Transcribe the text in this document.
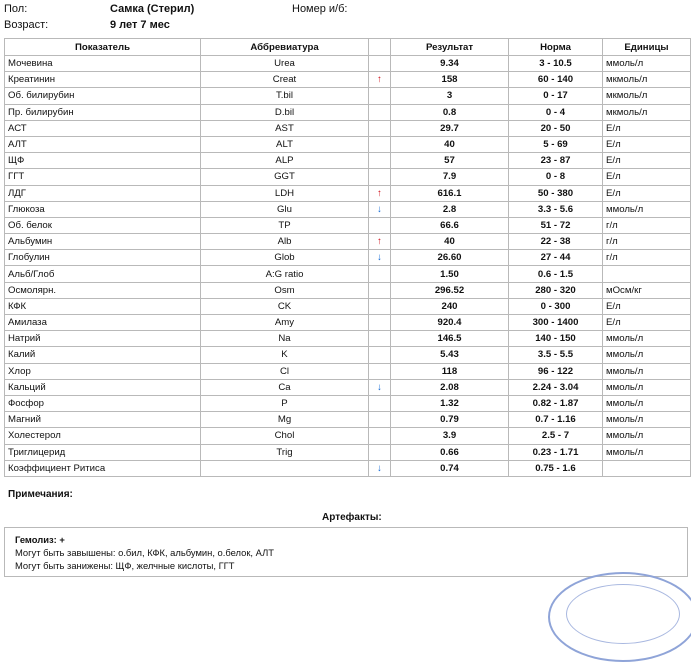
Пол:	Самка (Стерил)	Номер и/б:
Возраст:	9 лет 7 мес
Показатель	Аббревиатура		Результат	Норма	Единицы
Мочевина	Urea		9.34	3 - 10.5	ммоль/л
Креатинин	Creat	↑	158	60 - 140	мкмоль/л
Об. билирубин	T.bil		3	0 - 17	мкмоль/л
Пр. билирубин	D.bil		0.8	0 - 4	мкмоль/л
АСТ	AST		29.7	20 - 50	Е/л
АЛТ	ALT		40	5 - 69	Е/л
ЩФ	ALP		57	23 - 87	Е/л
ГГТ	GGT		7.9	0 - 8	Е/л
ЛДГ	LDH	↑	616.1	50 - 380	Е/л
Глюкоза	Glu	↓	2.8	3.3 - 5.6	ммоль/л
Об. белок	TP		66.6	51 - 72	г/л
Альбумин	Alb	↑	40	22 - 38	г/л
Глобулин	Glob	↓	26.60	27 - 44	г/л
Альб/Глоб	A:G ratio		1.50	0.6 - 1.5	
Осмолярн.	Osm		296.52	280 - 320	мОсм/кг
КФК	CK		240	0 - 300	Е/л
Амилаза	Amy		920.4	300 - 1400	Е/л
Натрий	Na		146.5	140 - 150	ммоль/л
Калий	K		5.43	3.5 - 5.5	ммоль/л
Хлор	Cl		118	96 - 122	ммоль/л
Кальций	Ca	↓	2.08	2.24 - 3.04	ммоль/л
Фосфор	P		1.32	0.82 - 1.87	ммоль/л
Магний	Mg		0.79	0.7 - 1.16	ммоль/л
Холестерол	Chol		3.9	2.5 - 7	ммоль/л
Триглицерид	Trig		0.66	0.23 - 1.71	ммоль/л
Коэффициент Ритиса		↓	0.74	0.75 - 1.6	
Примечания:
Артефакты:
Гемолиз: +
Могут быть завышены: о.бил, КФК, альбумин, о.белок, АЛТ
Могут быть занижены: ЩФ, желчные кислоты, ГГТ
